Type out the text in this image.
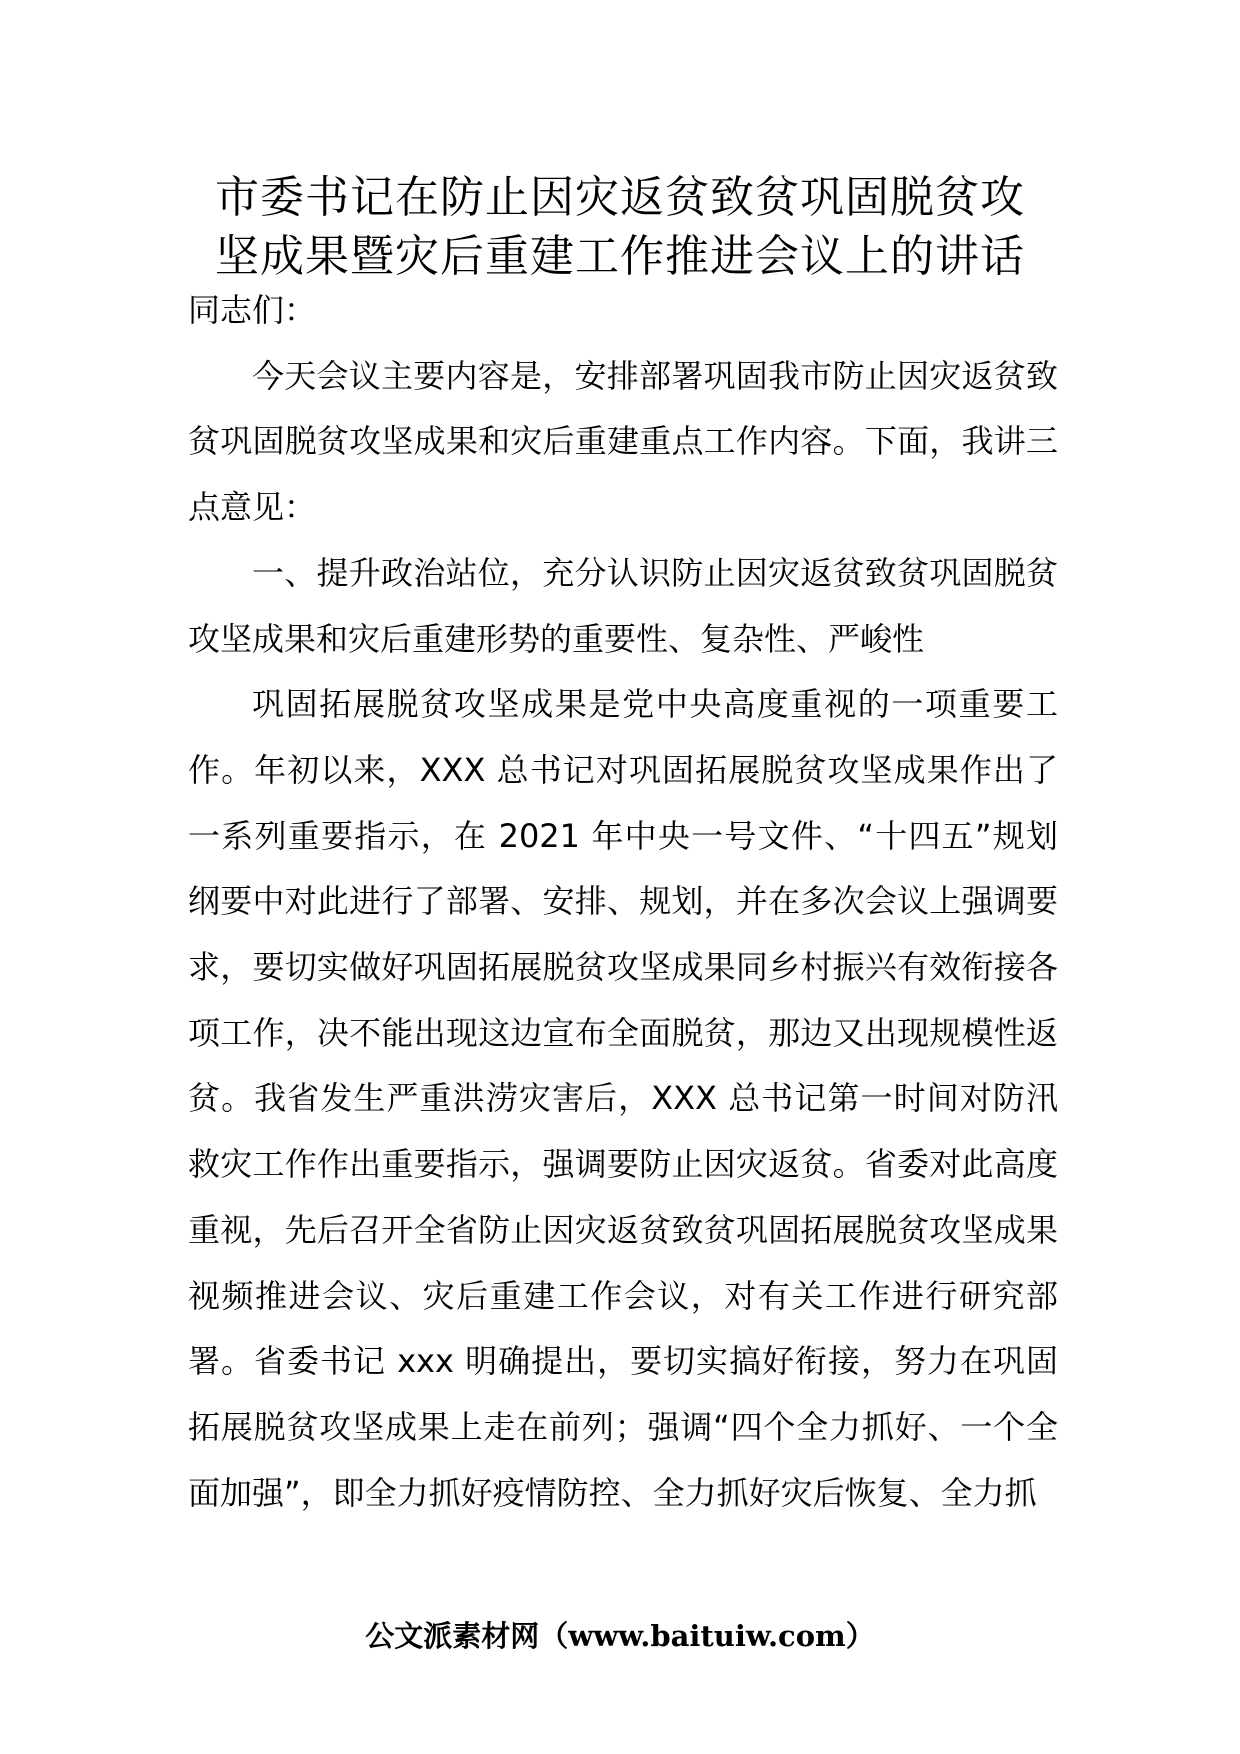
市委书记在防止因灾返贫致贫巩固脱贫攻
坚成果暨灾后重建工作推进会议上的讲话

同志们：

今天会议主要内容是，安排部署巩固我市防止因灾返贫致贫巩固脱贫攻坚成果和灾后重建重点工作内容。下面，我讲三点意见：

一、提升政治站位，充分认识防止因灾返贫致贫巩固脱贫攻坚成果和灾后重建形势的重要性、复杂性、严峻性

巩固拓展脱贫攻坚成果是党中央高度重视的一项重要工作。年初以来，XXX 总书记对巩固拓展脱贫攻坚成果作出了一系列重要指示，在 2021 年中央一号文件、“十四五”规划纲要中对此进行了部署、安排、规划，并在多次会议上强调要求，要切实做好巩固拓展脱贫攻坚成果同乡村振兴有效衔接各项工作，决不能出现这边宣布全面脱贫，那边又出现规模性返贫。我省发生严重洪涝灾害后，XXX 总书记第一时间对防汛救灾工作作出重要指示，强调要防止因灾返贫。省委对此高度重视，先后召开全省防止因灾返贫致贫巩固拓展脱贫攻坚成果视频推进会议、灾后重建工作会议，对有关工作进行研究部署。省委书记 xxx 明确提出，要切实搞好衔接，努力在巩固拓展脱贫攻坚成果上走在前列；强调“四个全力抓好、一个全面加强”，即全力抓好疫情防控、全力抓好灾后恢复、全力抓

公文派素材网（www.baituiw.com）
